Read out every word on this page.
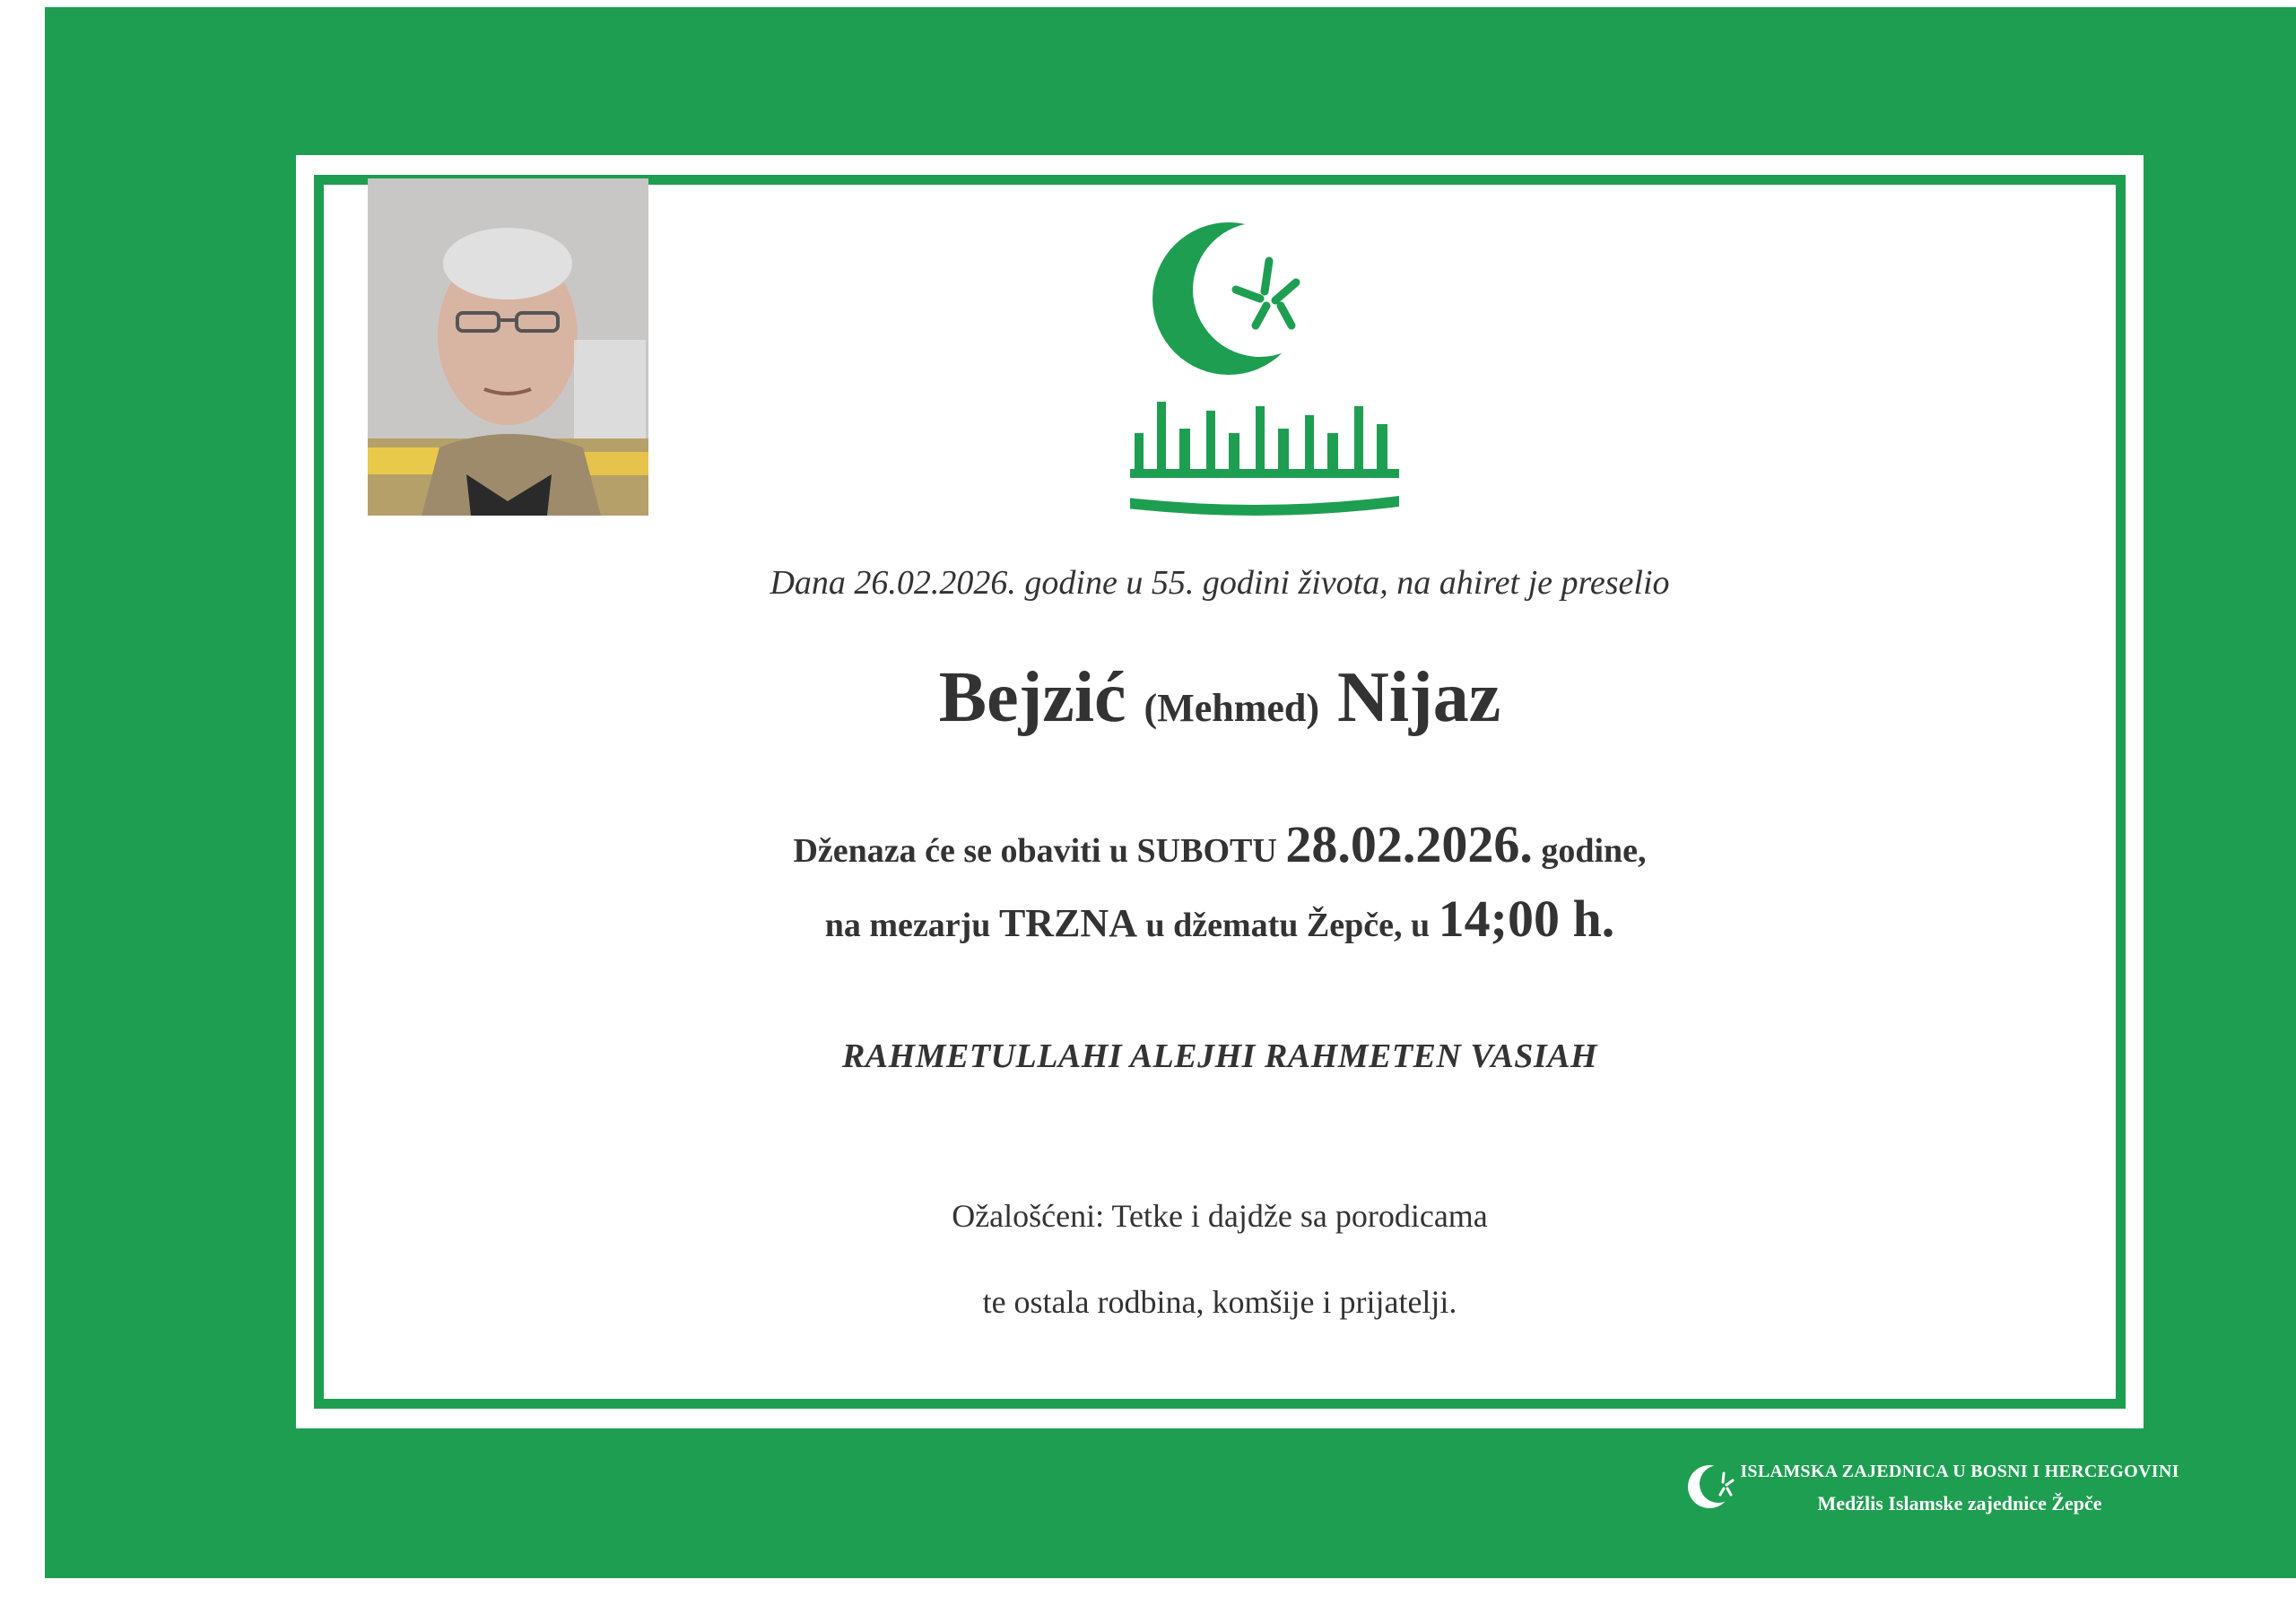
Dana 26.02.2026. godine u 55. godini života, na ahiret je preselio
Bejzić (Mehmed) Nijaz
Dženaza će se obaviti u SUBOTU 28.02.2026. godine,
na mezarju TRZNA u džematu Žepče, u 14;00 h.
RAHMETULLAHI ALEJHI RAHMETEN VASIAH
Ožalošćeni: Tetke i dajdže sa porodicama
te ostala rodbina, komšije i prijatelji.
ISLAMSKA ZAJEDNICA U BOSNI I HERCEGOVINI
Medžlis Islamske zajednice Žepče
